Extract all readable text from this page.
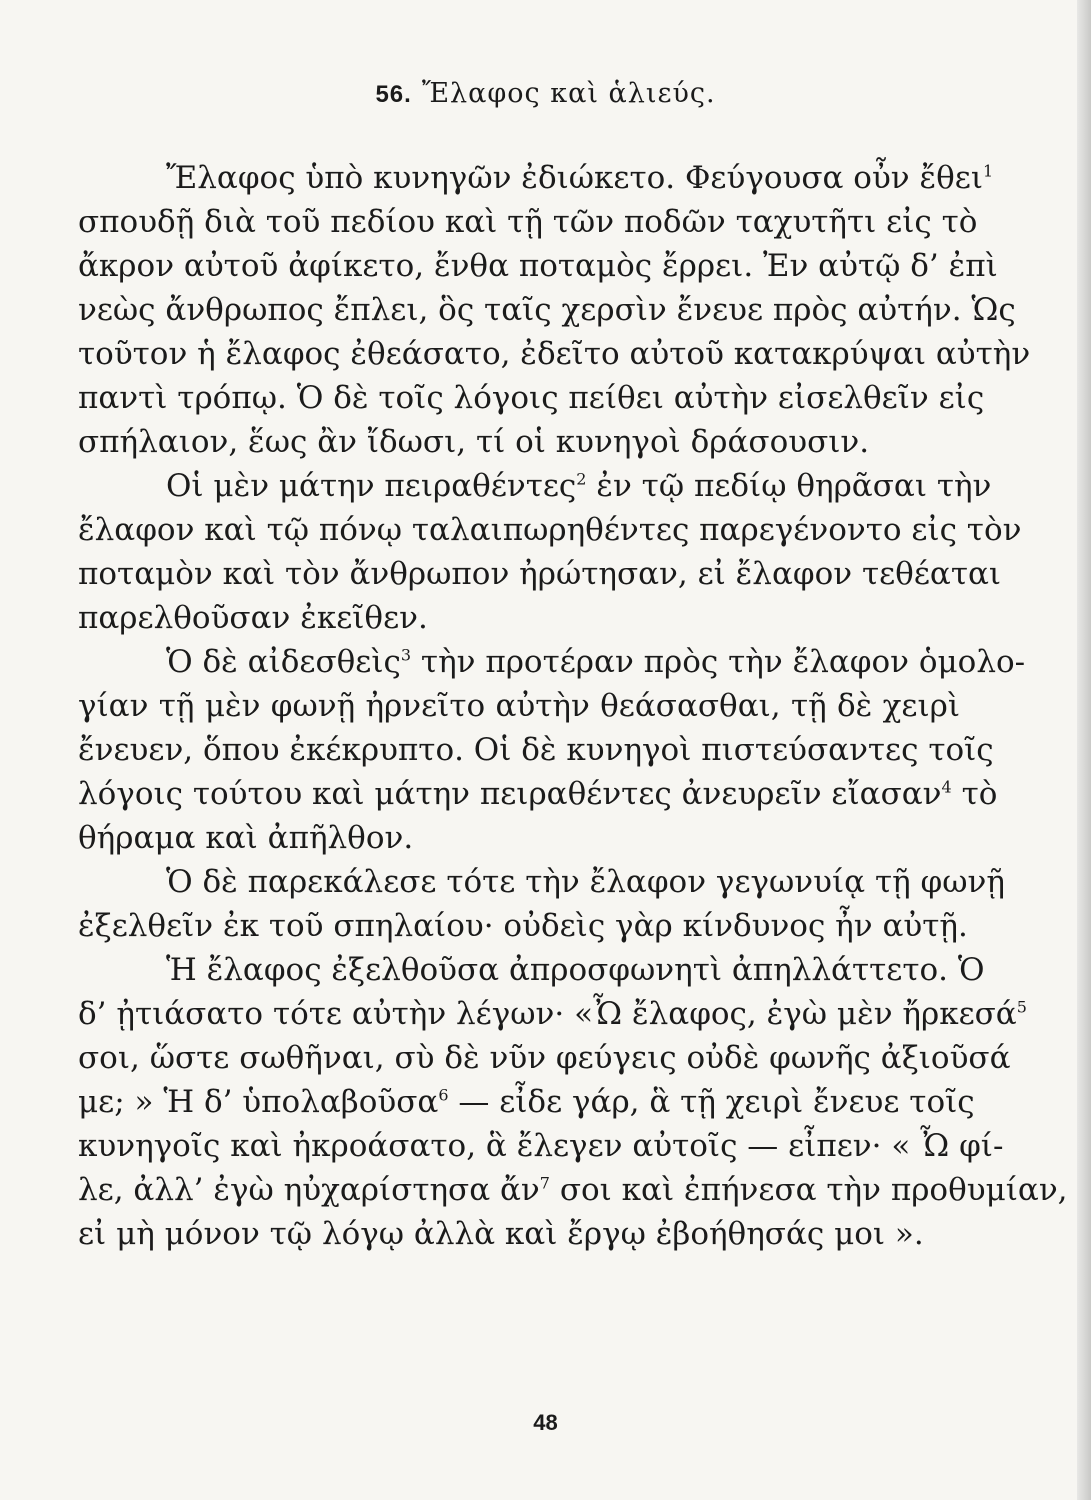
56. Ἔλαφος καὶ ἁλιεύς.
Ἔλαφος ὑπὸ κυνηγῶν ἐδιώκετο. Φεύγουσα οὖν ἔθει$^1$
σπουδῇ διὰ τοῦ πεδίου καὶ τῇ τῶν ποδῶν ταχυτῆτι εἰς τὸ
ἄκρον αὐτοῦ ἀφίκετο, ἔνθα ποταμὸς ἔρρει. Ἐν αὐτῷ δ’ ἐπὶ
νεὼς ἄνθρωπος ἔπλει, ὃς ταῖς χερσὶν ἔνευε πρὸς αὐτήν. Ὡς
τοῦτον ἡ ἔλαφος ἐθεάσατο, ἐδεῖτο αὐτοῦ κατακρύψαι αὐτὴν
παντὶ τρόπῳ. Ὁ δὲ τοῖς λόγοις πείθει αὐτὴν εἰσελθεῖν εἰς
σπήλαιον, ἕως ἂν ἴδωσι, τί οἱ κυνηγοὶ δράσουσιν.
Οἱ μὲν μάτην πειραθέντες$^2$ ἐν τῷ πεδίῳ θηρᾶσαι τὴν
ἔλαφον καὶ τῷ πόνῳ ταλαιπωρηθέντες παρεγένοντο εἰς τὸν
ποταμὸν καὶ τὸν ἄνθρωπον ἠρώτησαν, εἰ ἔλαφον τεθέαται
παρελθοῦσαν ἐκεῖθεν.
Ὁ δὲ αἰδεσθεὶς$^3$ τὴν προτέραν πρὸς τὴν ἔλαφον ὁμολο-
γίαν τῇ μὲν φωνῇ ἠρνεῖτο αὐτὴν θεάσασθαι, τῇ δὲ χειρὶ
ἔνευεν, ὅπου ἐκέκρυπτο. Οἱ δὲ κυνηγοὶ πιστεύσαντες τοῖς
λόγοις τούτου καὶ μάτην πειραθέντες ἀνευρεῖν εἴασαν$^4$ τὸ
θήραμα καὶ ἀπῆλθον.
Ὁ δὲ παρεκάλεσε τότε τὴν ἔλαφον γεγωνυίᾳ τῇ φωνῇ
ἐξελθεῖν ἐκ τοῦ σπηλαίου· οὐδεὶς γὰρ κίνδυνος ἦν αὐτῇ.
Ἡ ἔλαφος ἐξελθοῦσα ἀπροσφωνητὶ ἀπηλλάττετο. Ὁ
δ’ ᾐτιάσατο τότε αὐτὴν λέγων· «Ὦ ἔλαφος, ἐγὼ μὲν ἤρκεσά$^5$
σοι, ὥστε σωθῆναι, σὺ δὲ νῦν φεύγεις οὐδὲ φωνῆς ἀξιοῦσά
με; » Ἡ δ’ ὑπολαβοῦσα$^6$ — εἶδε γάρ, ἃ τῇ χειρὶ ἔνευε τοῖς
κυνηγοῖς καὶ ἠκροάσατο, ἃ ἔλεγεν αὐτοῖς — εἶπεν· « Ὦ φί-
λε, ἀλλ’ ἐγὼ ηὐχαρίστησα ἄν$^7$ σοι καὶ ἐπήνεσα τὴν προθυμίαν,
εἰ μὴ μόνον τῷ λόγῳ ἀλλὰ καὶ ἔργῳ ἐβοήθησάς μοι ».
48
